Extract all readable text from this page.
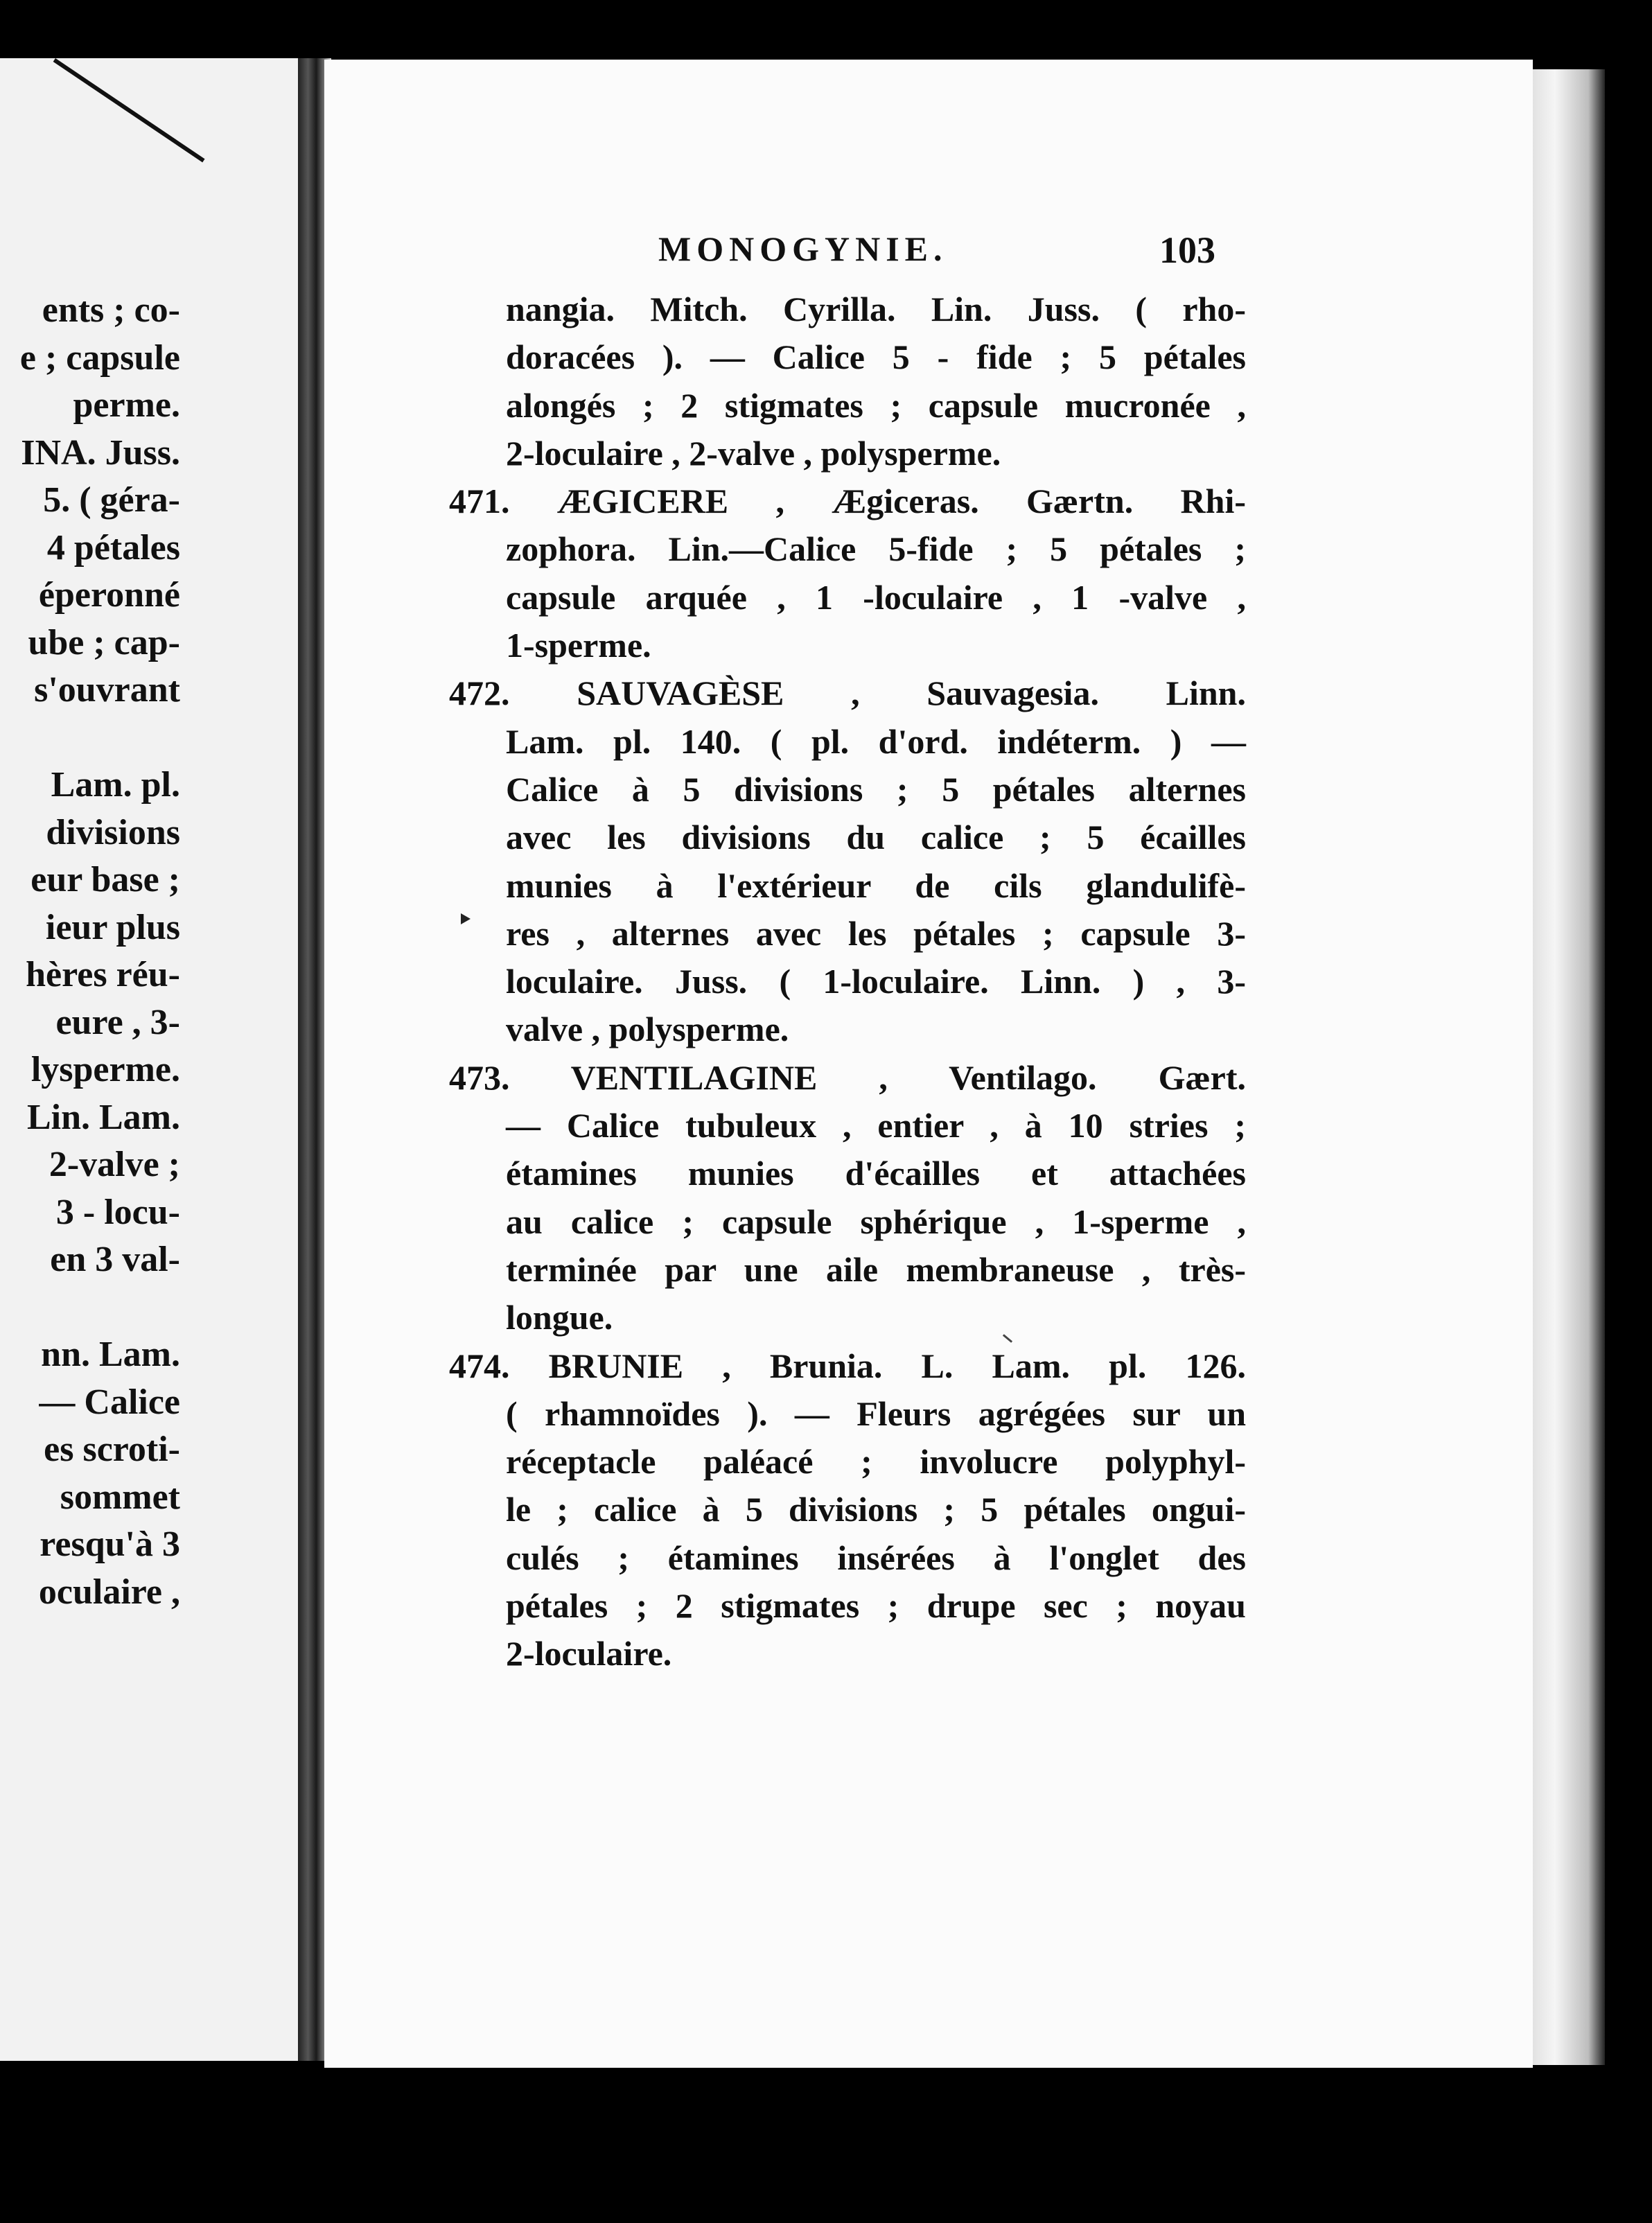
ents ; co-
e ; capsule
perme.
INA. Juss.
5. ( géra-
4 pétales
éperonné
ube ; cap-
s'ouvrant
Lam. pl.
divisions
eur base ;
ieur plus
hères réu-
eure , 3-
lysperme.
Lin. Lam.
2-valve ;
3 - locu-
en 3 val-
nn. Lam.
— Calice
es scroti-
sommet
resqu'à 3
oculaire ,
MONOGYNIE.	103
nangia. Mitch. Cyrilla. Lin. Juss. ( rho-
doracées ). — Calice 5 - fide ; 5 pétales
alongés ; 2 stigmates ; capsule mucronée ,
2-loculaire , 2-valve , polysperme.
471. ÆGICERE , Ægiceras. Gærtn. Rhi-
zophora. Lin.—Calice 5-fide ; 5 pétales ;
capsule arquée , 1 -loculaire , 1 -valve ,
1-sperme.
472. SAUVAGÈSE , Sauvagesia. Linn.
Lam. pl. 140. ( pl. d'ord. indéterm. ) —
Calice à 5 divisions ; 5 pétales alternes
avec les divisions du calice ; 5 écailles
munies à l'extérieur de cils glandulifè-
res , alternes avec les pétales ; capsule 3-
loculaire. Juss. ( 1-loculaire. Linn. ) , 3-
valve , polysperme.
473. VENTILAGINE , Ventilago. Gært.
— Calice tubuleux , entier , à 10 stries ;
étamines munies d'écailles et attachées
au calice ; capsule sphérique , 1-sperme ,
terminée par une aile membraneuse , très-
longue.
474. BRUNIE , Brunia. L. Lam. pl. 126.
( rhamnoïdes ). — Fleurs agrégées sur un
réceptacle paléacé ; involucre polyphyl-
le ; calice à 5 divisions ; 5 pétales ongui-
culés ; étamines insérées à l'onglet des
pétales ; 2 stigmates ; drupe sec ; noyau
2-loculaire.
